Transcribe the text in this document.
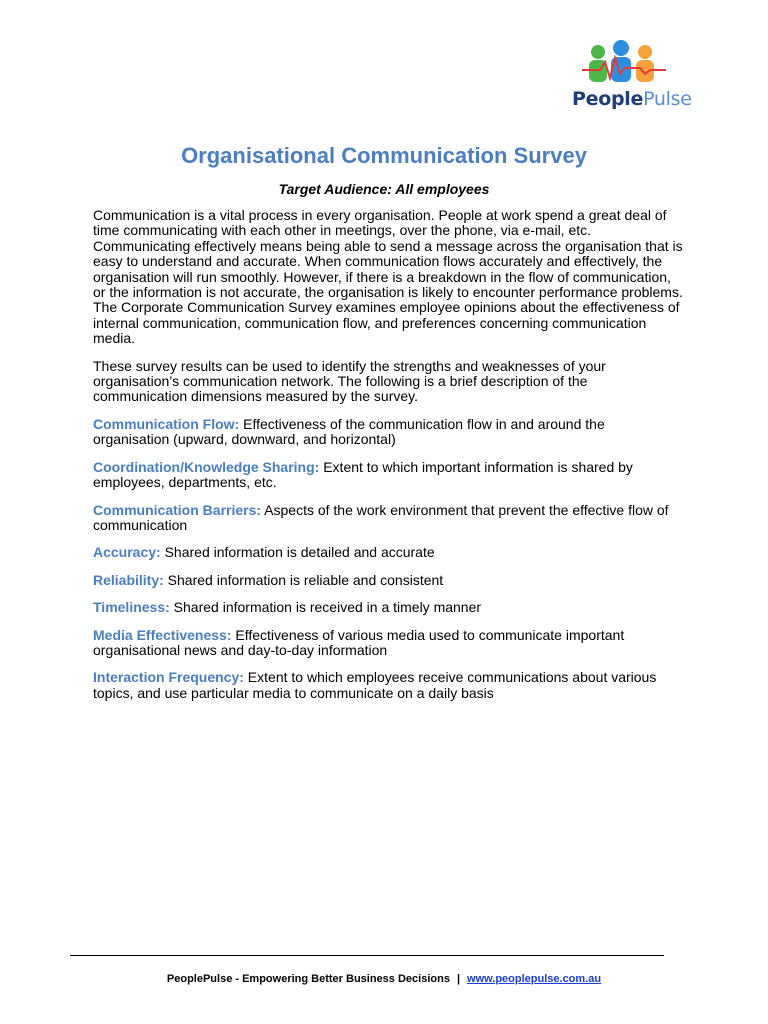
PeoplePulse
Organisational Communication Survey
Target Audience: All employees

Communication is a vital process in every organisation. People at work spend a great deal of time communicating with each other in meetings, over the phone, via e-mail, etc. Communicating effectively means being able to send a message across the organisation that is easy to understand and accurate. When communication flows accurately and effectively, the organisation will run smoothly. However, if there is a breakdown in the flow of communication, or the information is not accurate, the organisation is likely to encounter performance problems. The Corporate Communication Survey examines employee opinions about the effectiveness of internal communication, communication flow, and preferences concerning communication media.

These survey results can be used to identify the strengths and weaknesses of your organisation’s communication network. The following is a brief description of the communication dimensions measured by the survey.

Communication Flow: Effectiveness of the communication flow in and around the organisation (upward, downward, and horizontal)
Coordination/Knowledge Sharing: Extent to which important information is shared by employees, departments, etc.
Communication Barriers: Aspects of the work environment that prevent the effective flow of communication
Accuracy: Shared information is detailed and accurate
Reliability: Shared information is reliable and consistent
Timeliness: Shared information is received in a timely manner
Media Effectiveness: Effectiveness of various media used to communicate important organisational news and day-to-day information
Interaction Frequency: Extent to which employees receive communications about various topics, and use particular media to communicate on a daily basis
PeoplePulse - Empowering Better Business Decisions | www.peoplepulse.com.au
